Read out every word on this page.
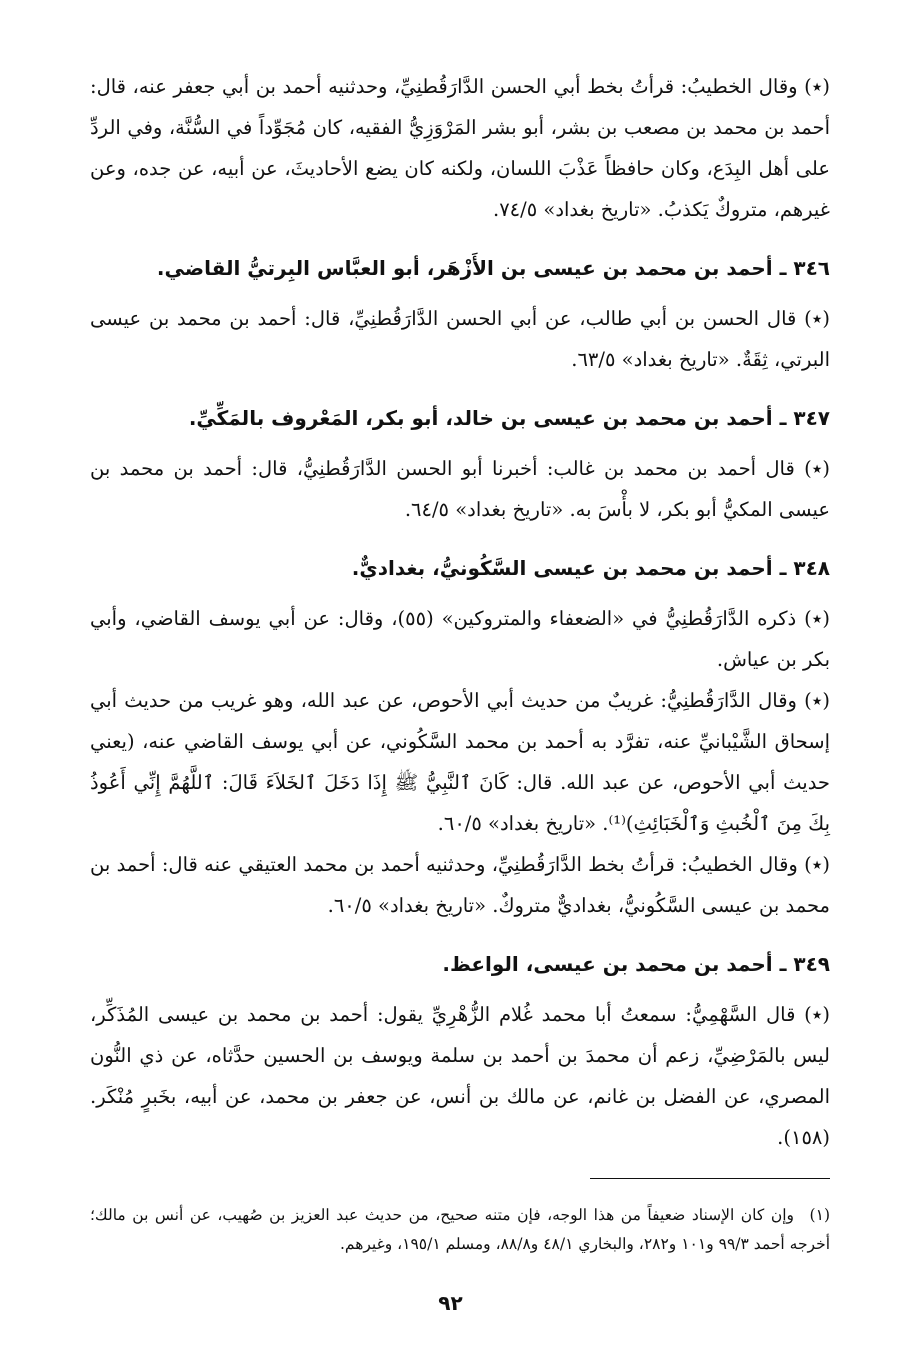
(٭) وقال الخطيبُ: قرأتُ بخط أبي الحسن الدَّارَقُطنِيِّ، وحدثنيه أحمد بن أبي جعفر عنه، قال: أحمد بن محمد بن مصعب بن بشر، أبو بشر المَرْوَزِيُّ الفقيه، كان مُجَوِّداً في السُّنَّة، وفي الردِّ على أهل البِدَع، وكان حافظاً عَذْبَ اللسان، ولكنه كان يضع الأحاديثَ، عن أبيه، عن جده، وعن غيرهم، متروكٌ يَكذبُ. «تاريخ بغداد» ٧٤/٥.

٣٤٦ ـ أحمد بن محمد بن عيسى بن الأَزْهَر، أبو العبَّاس البِرتيُّ القاضي.

(٭) قال الحسن بن أبي طالب، عن أبي الحسن الدَّارَقُطنِيِّ، قال: أحمد بن محمد بن عيسى البرتي، ثِقَةٌ. «تاريخ بغداد» ٦٣/٥.

٣٤٧ ـ أحمد بن محمد بن عيسى بن خالد، أبو بكر، المَعْروف بالمَكِّيِّ.

(٭) قال أحمد بن محمد بن غالب: أخبرنا أبو الحسن الدَّارَقُطنِيُّ، قال: أحمد بن محمد بن عيسى المكيُّ أبو بكر، لا بأْسَ به. «تاريخ بغداد» ٦٤/٥.

٣٤٨ ـ أحمد بن محمد بن عيسى السَّكُونيُّ، بغداديٌّ.

(٭) ذكره الدَّارَقُطنِيُّ في «الضعفاء والمتروكين» (٥٥)، وقال: عن أبي يوسف القاضي، وأبي بكر بن عياش.

(٭) وقال الدَّارَقُطنِيُّ: غريبٌ من حديث أبي الأحوص، عن عبد الله، وهو غريب من حديث أبي إسحاق الشَّيْبانيِّ عنه، تفرَّد به أحمد بن محمد السَّكُوني، عن أبي يوسف القاضي عنه، (يعني حديث أبي الأحوص، عن عبد الله. قال: كَانَ ٱلنَّبِيُّ ﷺ إِذَا دَخَلَ ٱلخَلاَءَ قَالَ: ٱللَّهُمَّ إِنِّي أَعُوذُ بِكَ مِنَ ٱلْخُبثِ وَٱلْخَبَائِثِ)⁽¹⁾. «تاريخ بغداد» ٦٠/٥.

(٭) وقال الخطيبُ: قرأتُ بخط الدَّارَقُطنِيِّ، وحدثنيه أحمد بن محمد العتيقي عنه قال: أحمد بن محمد بن عيسى السَّكُونيُّ، بغداديٌّ متروكٌ. «تاريخ بغداد» ٦٠/٥.

٣٤٩ ـ أحمد بن محمد بن عيسى، الواعظ.

(٭) قال السَّهْمِيُّ: سمعتُ أبا محمد غُلام الزُّهْرِيِّ يقول: أحمد بن محمد بن عيسى المُذَكِّر، ليس بالمَرْضِيِّ، زعم أن محمدَ بن أحمد بن سلمة ويوسف بن الحسين حدَّثاه، عن ذي النُّون المصري، عن الفضل بن غانم، عن مالك بن أنس، عن جعفر بن محمد، عن أبيه، بخَبرٍ مُنْكَر. (١٥٨).

(١)وإن كان الإسناد ضعيفاً من هذا الوجه، فإن متنه صحيح، من حديث عبد العزيز بن صُهيب، عن أنس بن مالك؛ أخرجه أحمد ٩٩/٣ و١٠١ و٢٨٢، والبخاري ٤٨/١ و٨٨/٨، ومسلم ١٩٥/١، وغيرهم.
٩٢
